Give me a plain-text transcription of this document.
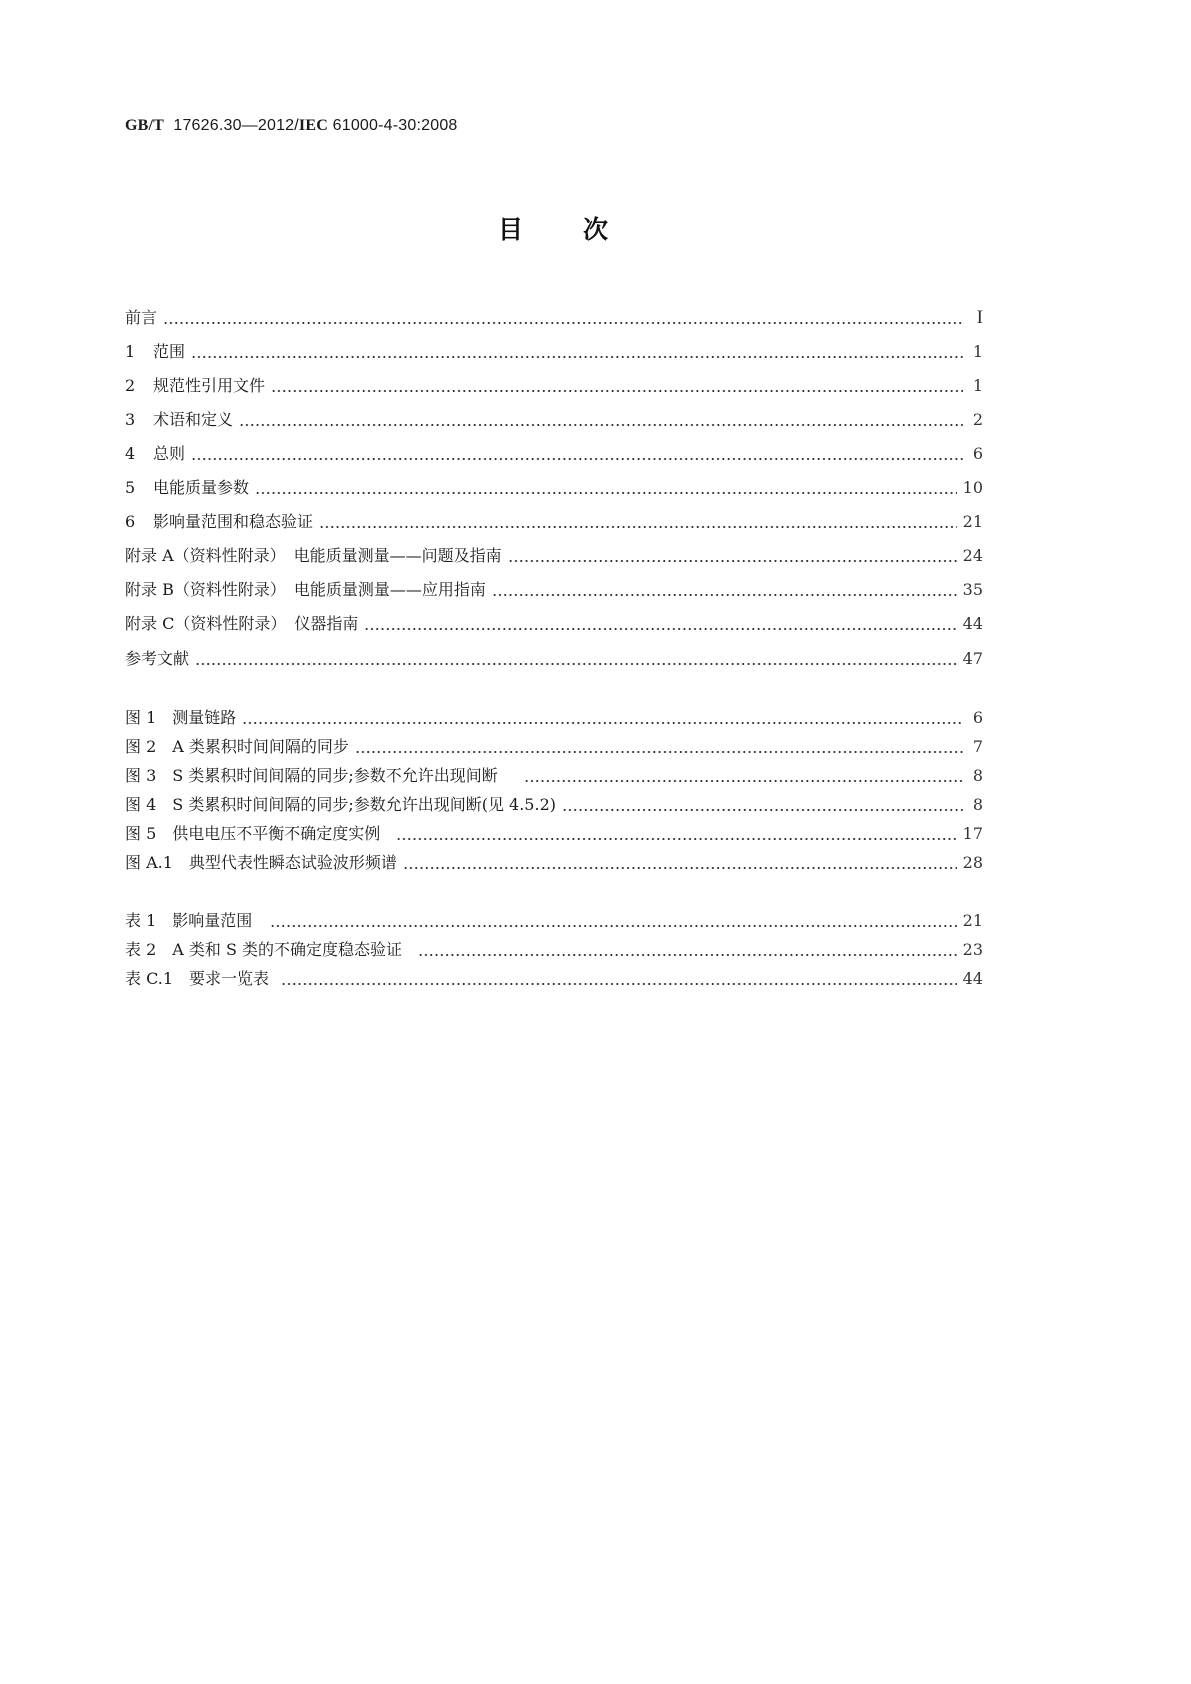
GB/T 17626.30—2012/IEC 61000-4-30:2008
目 次
前言	I
1 范围	1
2 规范性引用文件	1
3 术语和定义	2
4 总则	6
5 电能质量参数	10
6 影响量范围和稳态验证	21
附录 A（资料性附录）　电能质量测量——问题及指南	24
附录 B（资料性附录）　电能质量测量——应用指南	35
附录 C（资料性附录）　仪器指南	44
参考文献	47
图 1　测量链路	6
图 2　A 类累积时间间隔的同步	7
图 3　S 类累积时间间隔的同步;参数不允许出现间断	8
图 4　S 类累积时间间隔的同步;参数允许出现间断(见 4.5.2)	8
图 5　供电电压不平衡不确定度实例	17
图 A.1　典型代表性瞬态试验波形频谱	28
表 1　影响量范围	21
表 2　A 类和 S 类的不确定度稳态验证	23
表 C.1　要求一览表	44
